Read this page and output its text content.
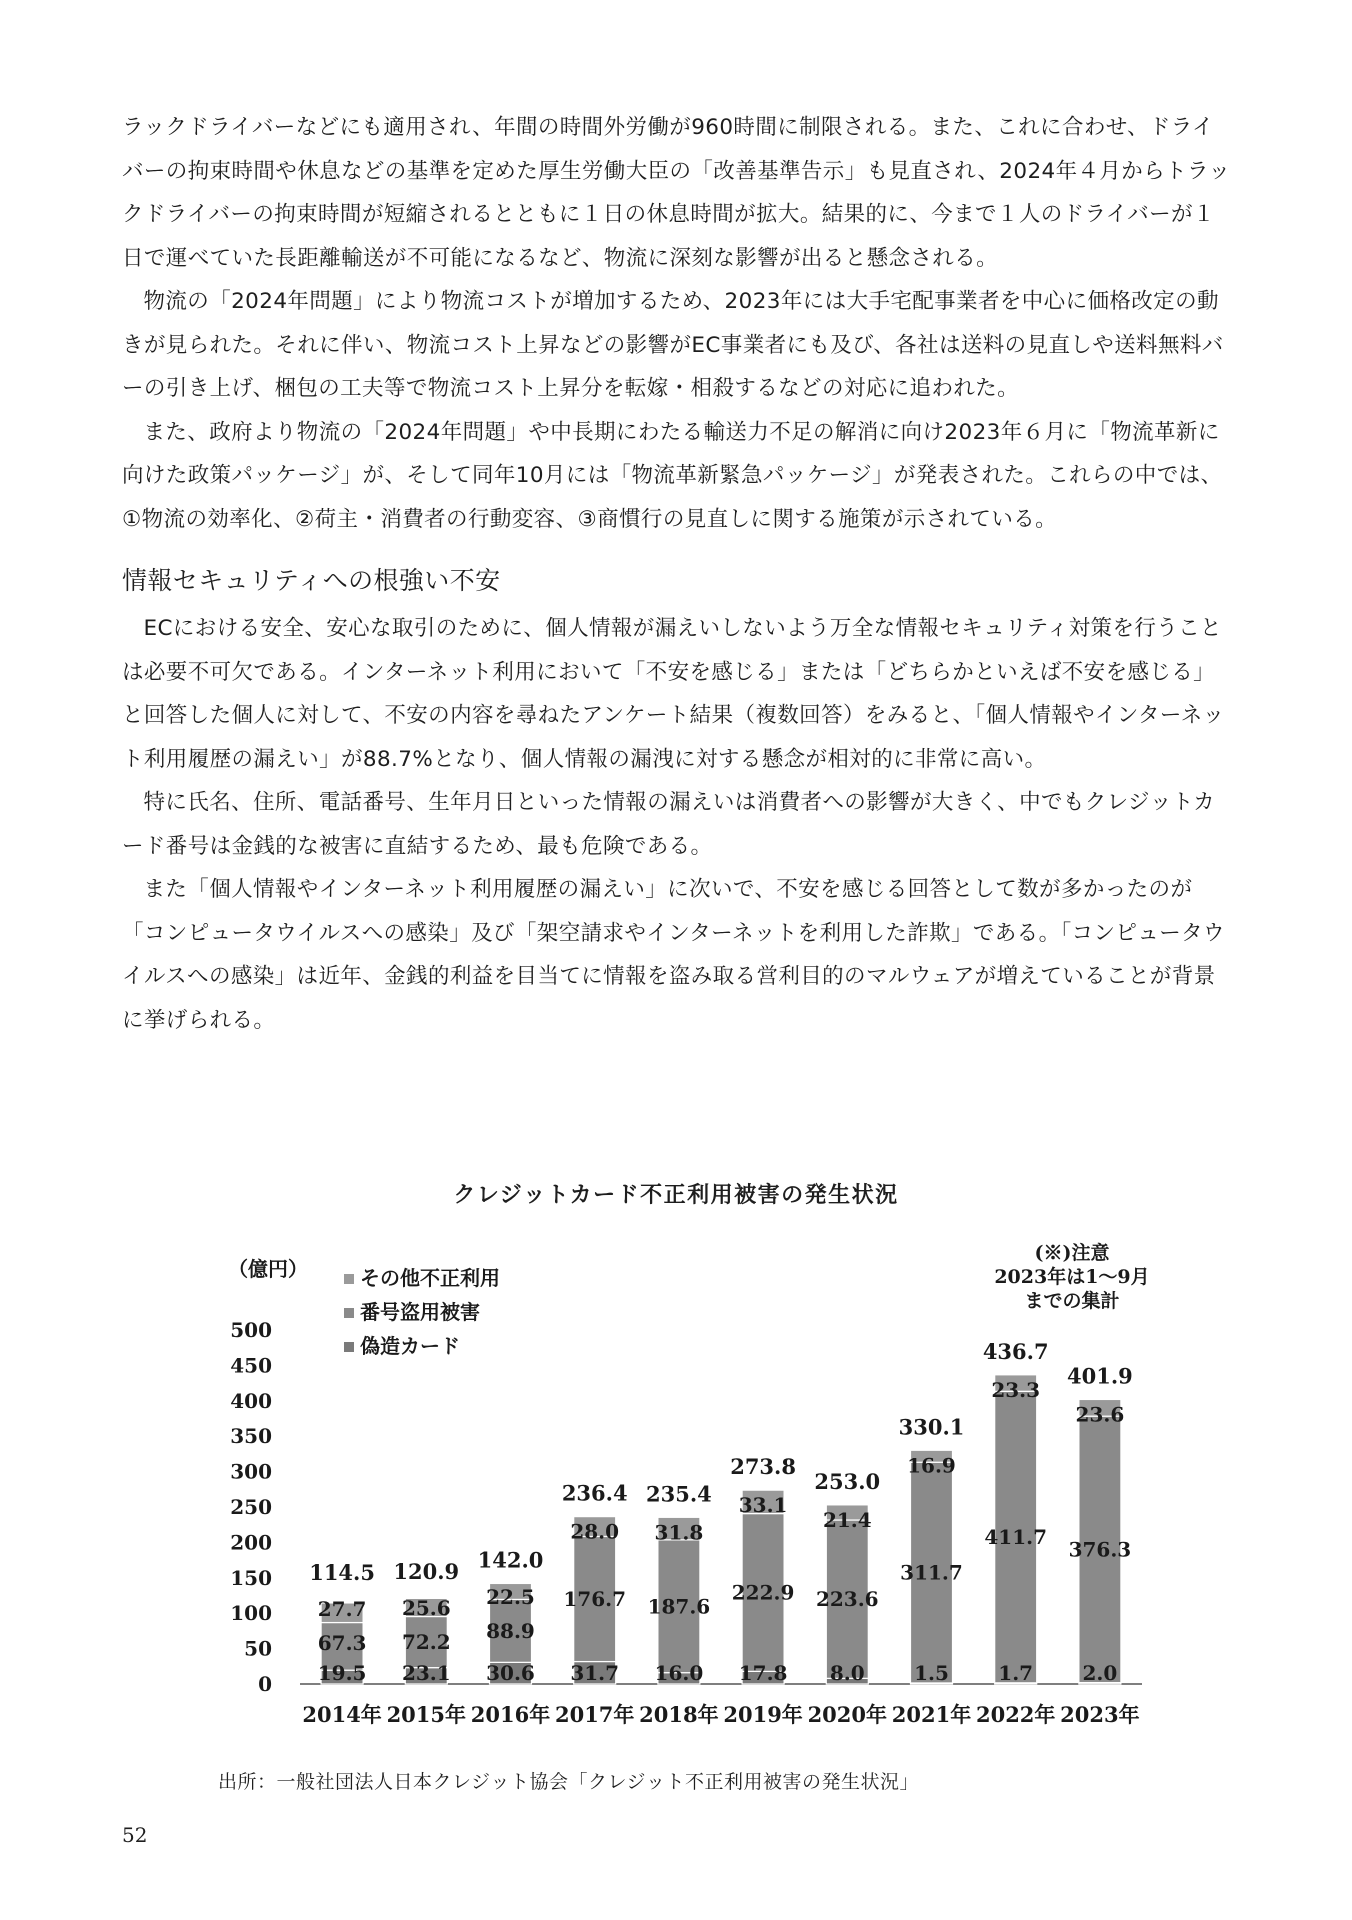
ラックドライバーなどにも適用され、年間の時間外労働が960時間に制限される。また、これに合わせ、ドライバーの拘束時間や休息などの基準を定めた厚生労働大臣の「改善基準告示」も見直され、2024年４月からトラックドライバーの拘束時間が短縮されるとともに１日の休息時間が拡大。結果的に、今まで１人のドライバーが１日で運べていた長距離輸送が不可能になるなど、物流に深刻な影響が出ると懸念される。

物流の「2024年問題」により物流コストが増加するため、2023年には大手宅配事業者を中心に価格改定の動きが見られた。それに伴い、物流コスト上昇などの影響がEC事業者にも及び、各社は送料の見直しや送料無料バーの引き上げ、梱包の工夫等で物流コスト上昇分を転嫁・相殺するなどの対応に追われた。

また、政府より物流の「2024年問題」や中長期にわたる輸送力不足の解消に向け2023年６月に「物流革新に向けた政策パッケージ」が、そして同年10月には「物流革新緊急パッケージ」が発表された。これらの中では、①物流の効率化、②荷主・消費者の行動変容、③商慣行の見直しに関する施策が示されている。

情報セキュリティへの根強い不安

ECにおける安全、安心な取引のために、個人情報が漏えいしないよう万全な情報セキュリティ対策を行うことは必要不可欠である。インターネット利用において「不安を感じる」または「どちらかといえば不安を感じる」と回答した個人に対して、不安の内容を尋ねたアンケート結果（複数回答）をみると、「個人情報やインターネット利用履歴の漏えい」が88.7%となり、個人情報の漏洩に対する懸念が相対的に非常に高い。

特に氏名、住所、電話番号、生年月日といった情報の漏えいは消費者への影響が大きく、中でもクレジットカード番号は金銭的な被害に直結するため、最も危険である。

また「個人情報やインターネット利用履歴の漏えい」に次いで、不安を感じる回答として数が多かったのが「コンピュータウイルスへの感染」及び「架空請求やインターネットを利用した詐欺」である。「コンピュータウイルスへの感染」は近年、金銭的利益を目当てに情報を盗み取る営利目的のマルウェアが増えていることが背景に挙げられる。

クレジットカード不正利用被害の発生状況
（億円）
0
50
100
150
200
250
300
350
400
450
500
19.5
67.3
27.7
114.5
2014年
23.1
72.2
25.6
120.9
2015年
30.6
88.9
22.5
142.0
2016年
31.7
176.7
28.0
236.4
2017年
16.0
187.6
31.8
235.4
2018年
17.8
222.9
33.1
273.8
2019年
8.0
223.6
21.4
253.0
2020年
1.5
311.7
16.9
330.1
2021年
1.7
411.7
23.3
436.7
2022年
2.0
376.3
23.6
401.9
2023年
その他不正利用
番号盗用被害
偽造カード
(※)注意
2023年は1～9月
までの集計
出所：一般社団法人日本クレジット協会「クレジット不正利用被害の発生状況」
52
